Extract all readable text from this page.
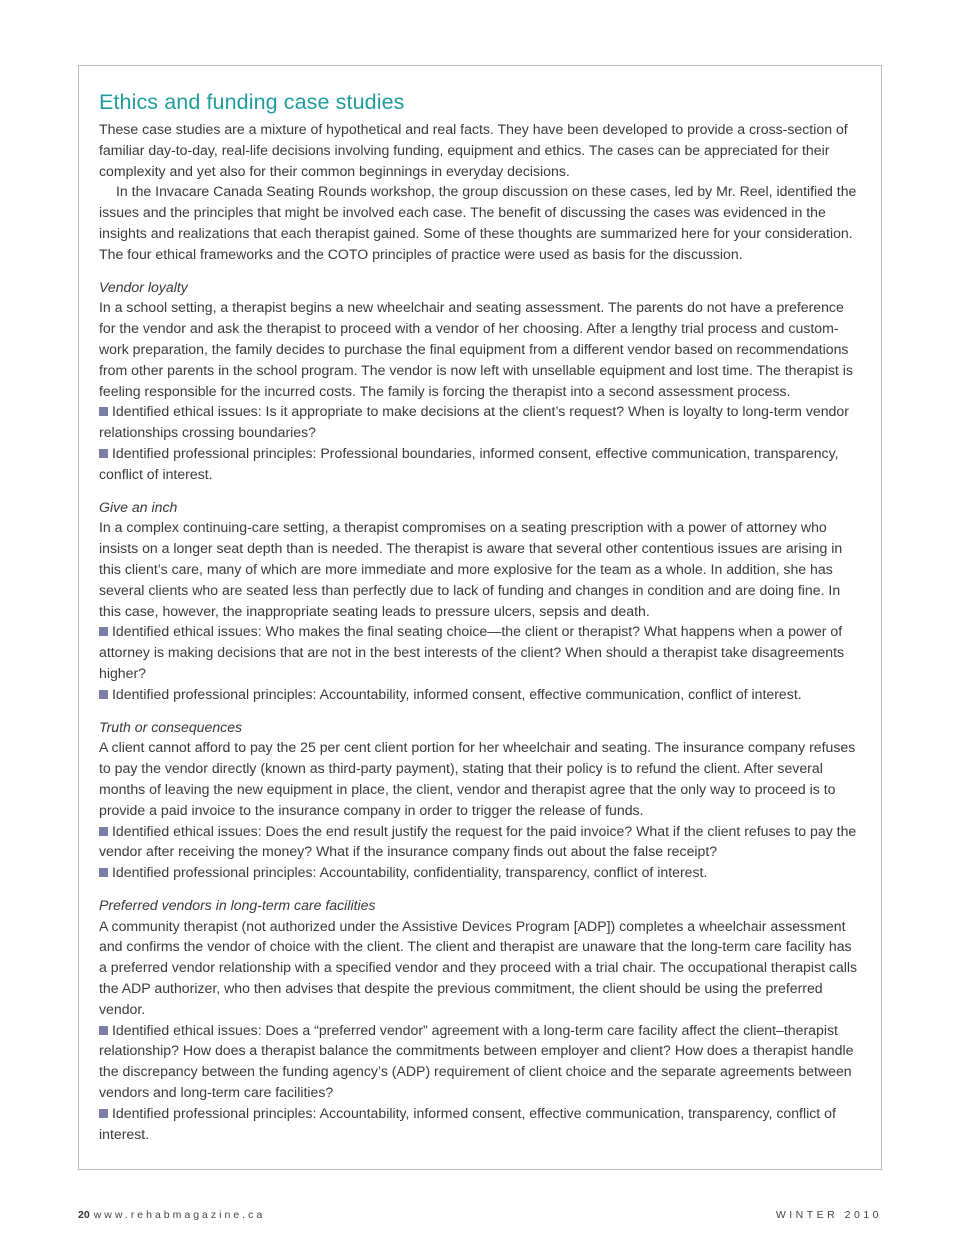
Ethics and funding case studies

These case studies are a mixture of hypothetical and real facts. They have been developed to provide a cross-section of familiar day-to-day, real-life decisions involving funding, equipment and ethics. The cases can be appreciated for their complexity and yet also for their common beginnings in everyday decisions.

In the Invacare Canada Seating Rounds workshop, the group discussion on these cases, led by Mr. Reel, identified the issues and the principles that might be involved each case. The benefit of discussing the cases was evidenced in the insights and realizations that each therapist gained. Some of these thoughts are summarized here for your consideration. The four ethical frameworks and the COTO principles of practice were used as basis for the discussion.

Vendor loyalty

In a school setting, a therapist begins a new wheelchair and seating assessment. The parents do not have a preference for the vendor and ask the therapist to proceed with a vendor of her choosing. After a lengthy trial process and custom-work preparation, the family decides to purchase the final equipment from a different vendor based on recommendations from other parents in the school program. The vendor is now left with unsellable equipment and lost time. The therapist is feeling responsible for the incurred costs. The family is forcing the therapist into a second assessment process.

Identified ethical issues: Is it appropriate to make decisions at the client’s request? When is loyalty to long-term vendor relationships crossing boundaries?

Identified professional principles: Professional boundaries, informed consent, effective communication, transparency, conflict of interest.

Give an inch

In a complex continuing-care setting, a therapist compromises on a seating prescription with a power of attorney who insists on a longer seat depth than is needed. The therapist is aware that several other contentious issues are arising in this client’s care, many of which are more immediate and more explosive for the team as a whole. In addition, she has several clients who are seated less than perfectly due to lack of funding and changes in condition and are doing fine. In this case, however, the inappropriate seating leads to pressure ulcers, sepsis and death.

Identified ethical issues: Who makes the final seating choice—the client or therapist? What happens when a power of attorney is making decisions that are not in the best interests of the client? When should a therapist take disagreements higher?

Identified professional principles: Accountability, informed consent, effective communication, conflict of interest.

Truth or consequences

A client cannot afford to pay the 25 per cent client portion for her wheelchair and seating. The insurance company refuses to pay the vendor directly (known as third-party payment), stating that their policy is to refund the client. After several months of leaving the new equipment in place, the client, vendor and therapist agree that the only way to proceed is to provide a paid invoice to the insurance company in order to trigger the release of funds.

Identified ethical issues: Does the end result justify the request for the paid invoice? What if the client refuses to pay the vendor after receiving the money? What if the insurance company finds out about the false receipt?

Identified professional principles: Accountability, confidentiality, transparency, conflict of interest.

Preferred vendors in long-term care facilities

A community therapist (not authorized under the Assistive Devices Program [ADP]) completes a wheelchair assessment and confirms the vendor of choice with the client. The client and therapist are unaware that the long-term care facility has a preferred vendor relationship with a specified vendor and they proceed with a trial chair. The occupational therapist calls the ADP authorizer, who then advises that despite the previous commitment, the client should be using the preferred vendor.

Identified ethical issues: Does a “preferred vendor” agreement with a long-term care facility affect the client–therapist relationship? How does a therapist balance the commitments between employer and client? How does a therapist handle the discrepancy between the funding agency’s (ADP) requirement of client choice and the separate agreements between vendors and long-term care facilities?

Identified professional principles: Accountability, informed consent, effective communication, transparency, conflict of interest.

20 www.rehabmagazine.ca	WINTER 2010
